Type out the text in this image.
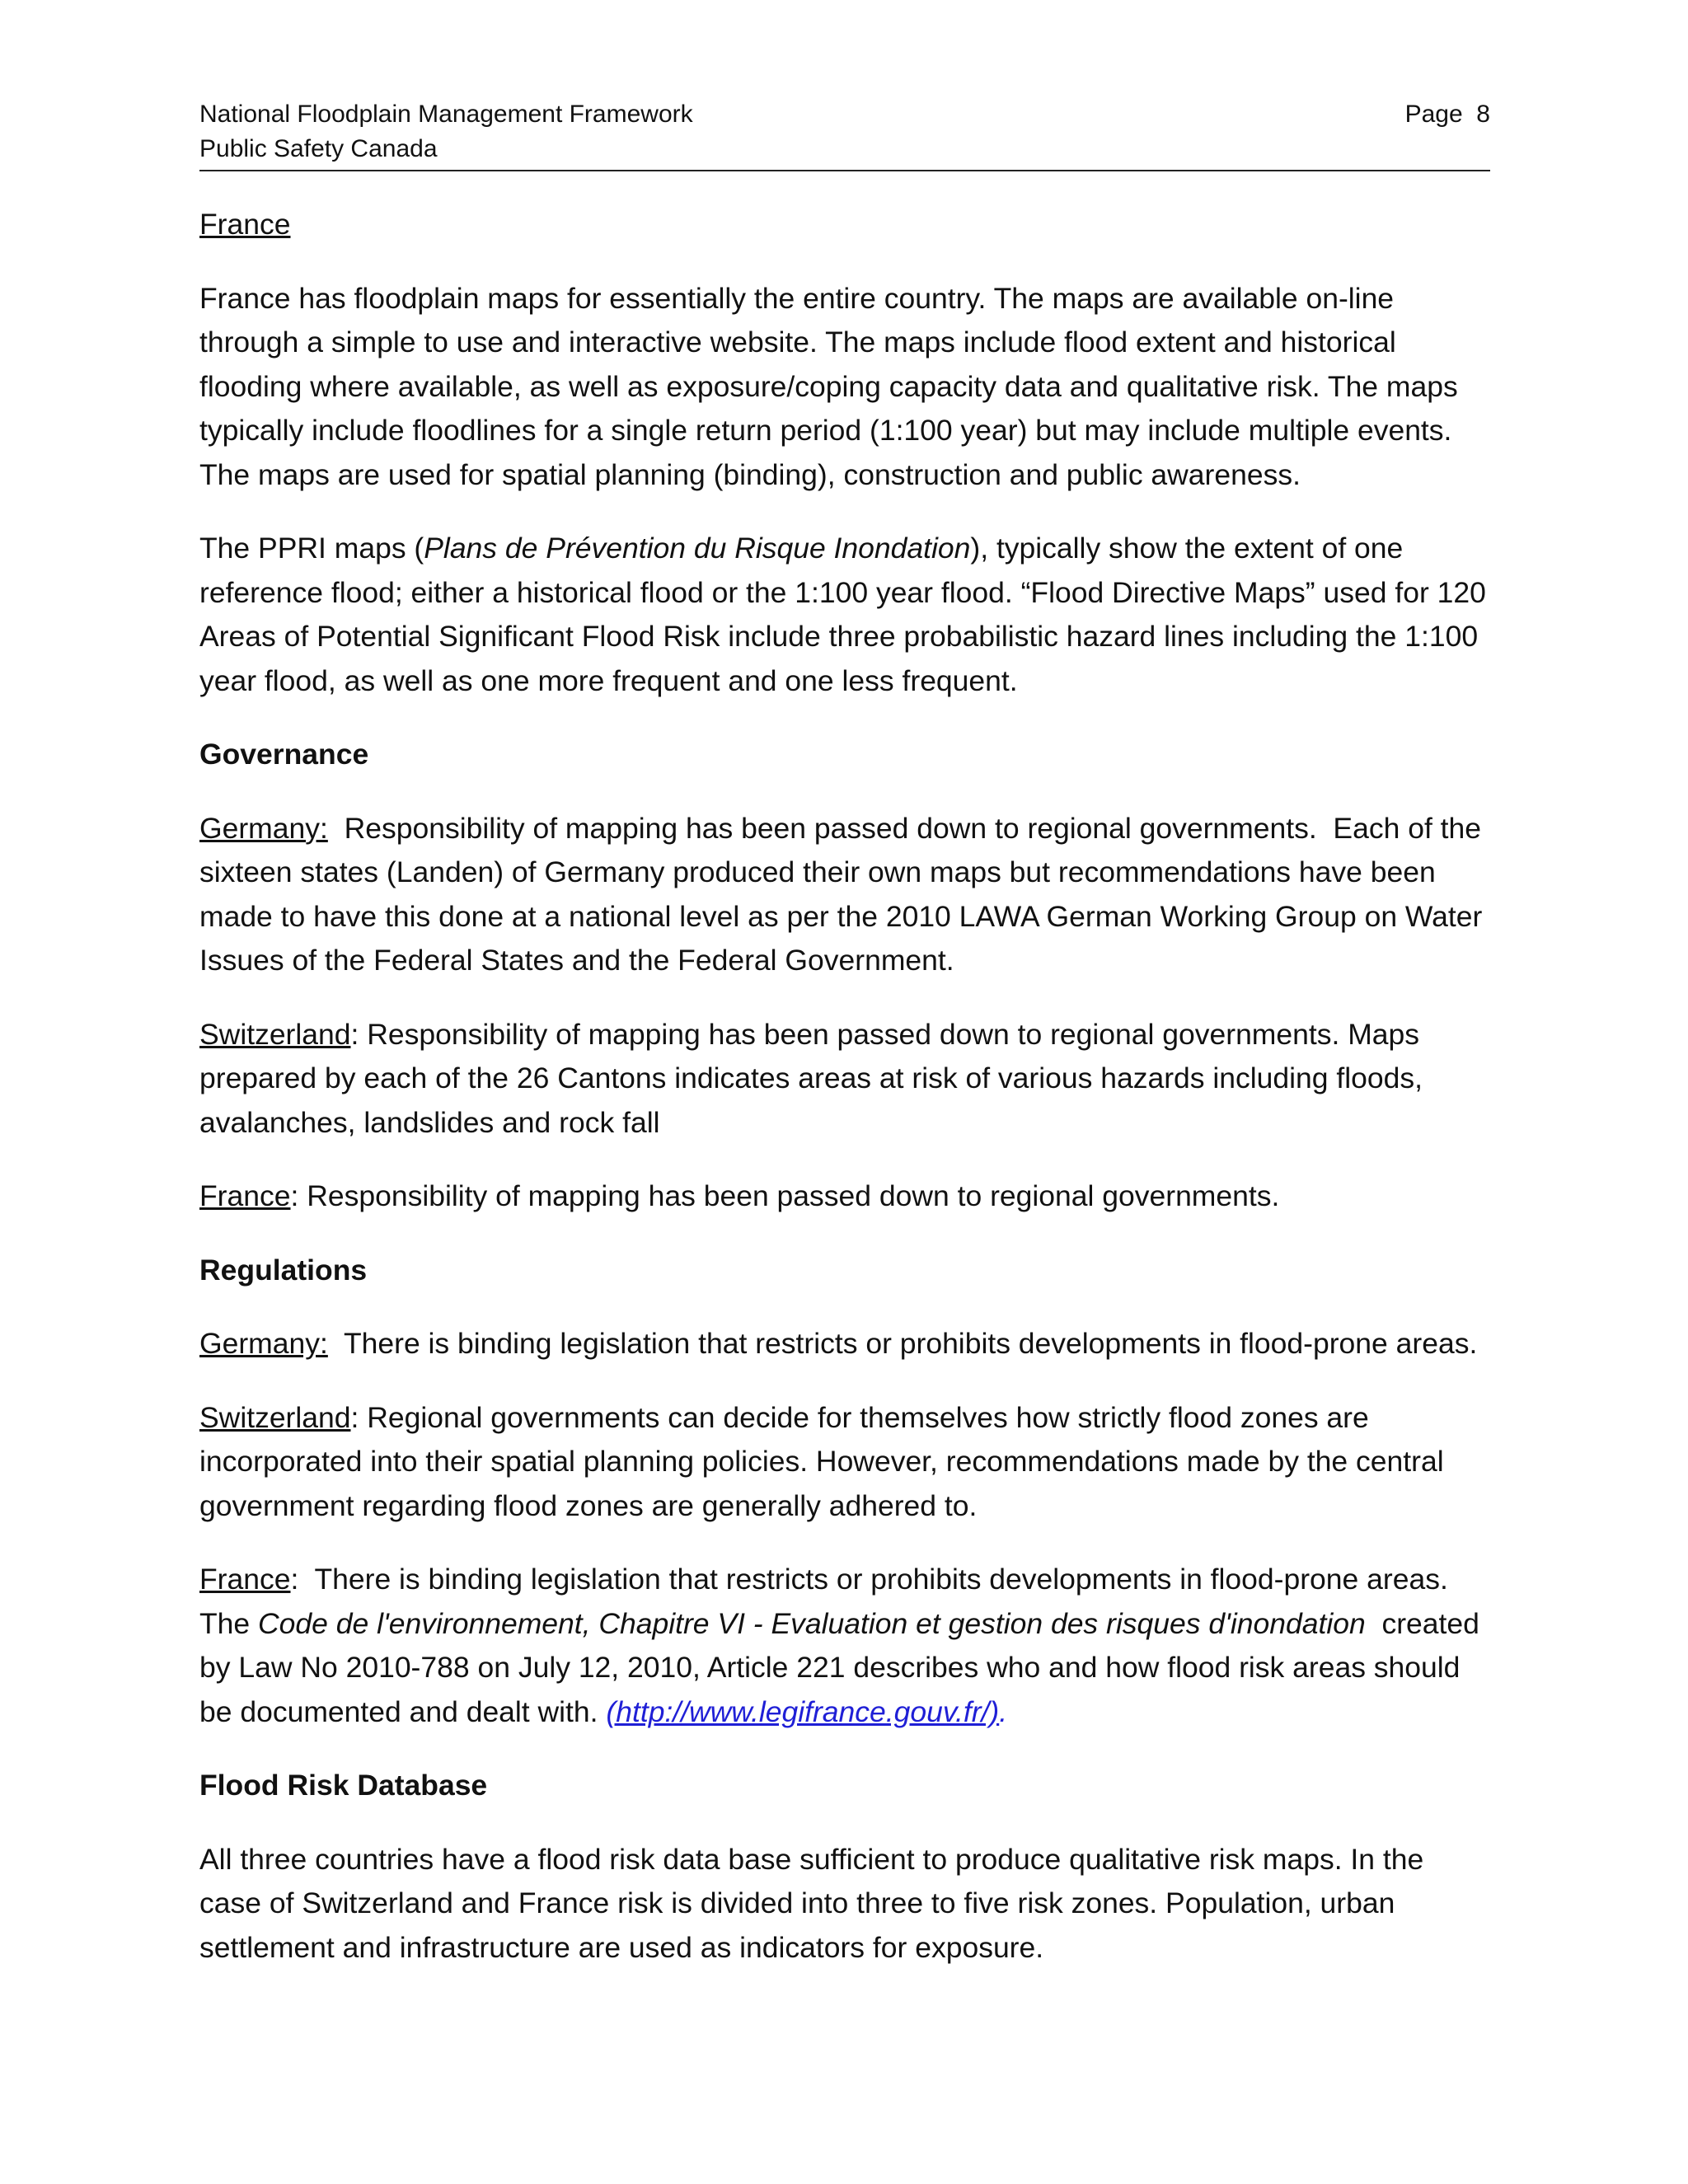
National Floodplain Management Framework	Page  8
Public Safety Canada

France

France has floodplain maps for essentially the entire country. The maps are available on-line through a simple to use and interactive website. The maps include flood extent and historical flooding where available, as well as exposure/coping capacity data and qualitative risk. The maps typically include floodlines for a single return period (1:100 year) but may include multiple events. The maps are used for spatial planning (binding), construction and public awareness.

The PPRI maps (Plans de Prévention du Risque Inondation), typically show the extent of one reference flood; either a historical flood or the 1:100 year flood. “Flood Directive Maps” used for 120 Areas of Potential Significant Flood Risk include three probabilistic hazard lines including the 1:100 year flood, as well as one more frequent and one less frequent.

Governance

Germany:  Responsibility of mapping has been passed down to regional governments.  Each of the sixteen states (Landen) of Germany produced their own maps but recommendations have been made to have this done at a national level as per the 2010 LAWA German Working Group on Water Issues of the Federal States and the Federal Government.

Switzerland: Responsibility of mapping has been passed down to regional governments. Maps prepared by each of the 26 Cantons indicates areas at risk of various hazards including floods, avalanches, landslides and rock fall

France: Responsibility of mapping has been passed down to regional governments.

Regulations

Germany:  There is binding legislation that restricts or prohibits developments in flood-prone areas.

Switzerland: Regional governments can decide for themselves how strictly flood zones are incorporated into their spatial planning policies. However, recommendations made by the central government regarding flood zones are generally adhered to.

France:  There is binding legislation that restricts or prohibits developments in flood-prone areas.  The Code de l'environnement, Chapitre VI - Evaluation et gestion des risques d'inondation  created by Law No 2010-788 on July 12, 2010, Article 221 describes who and how flood risk areas should be documented and dealt with. (http://www.legifrance.gouv.fr/).

Flood Risk Database

All three countries have a flood risk data base sufficient to produce qualitative risk maps. In the case of Switzerland and France risk is divided into three to five risk zones. Population, urban settlement and infrastructure are used as indicators for exposure.
